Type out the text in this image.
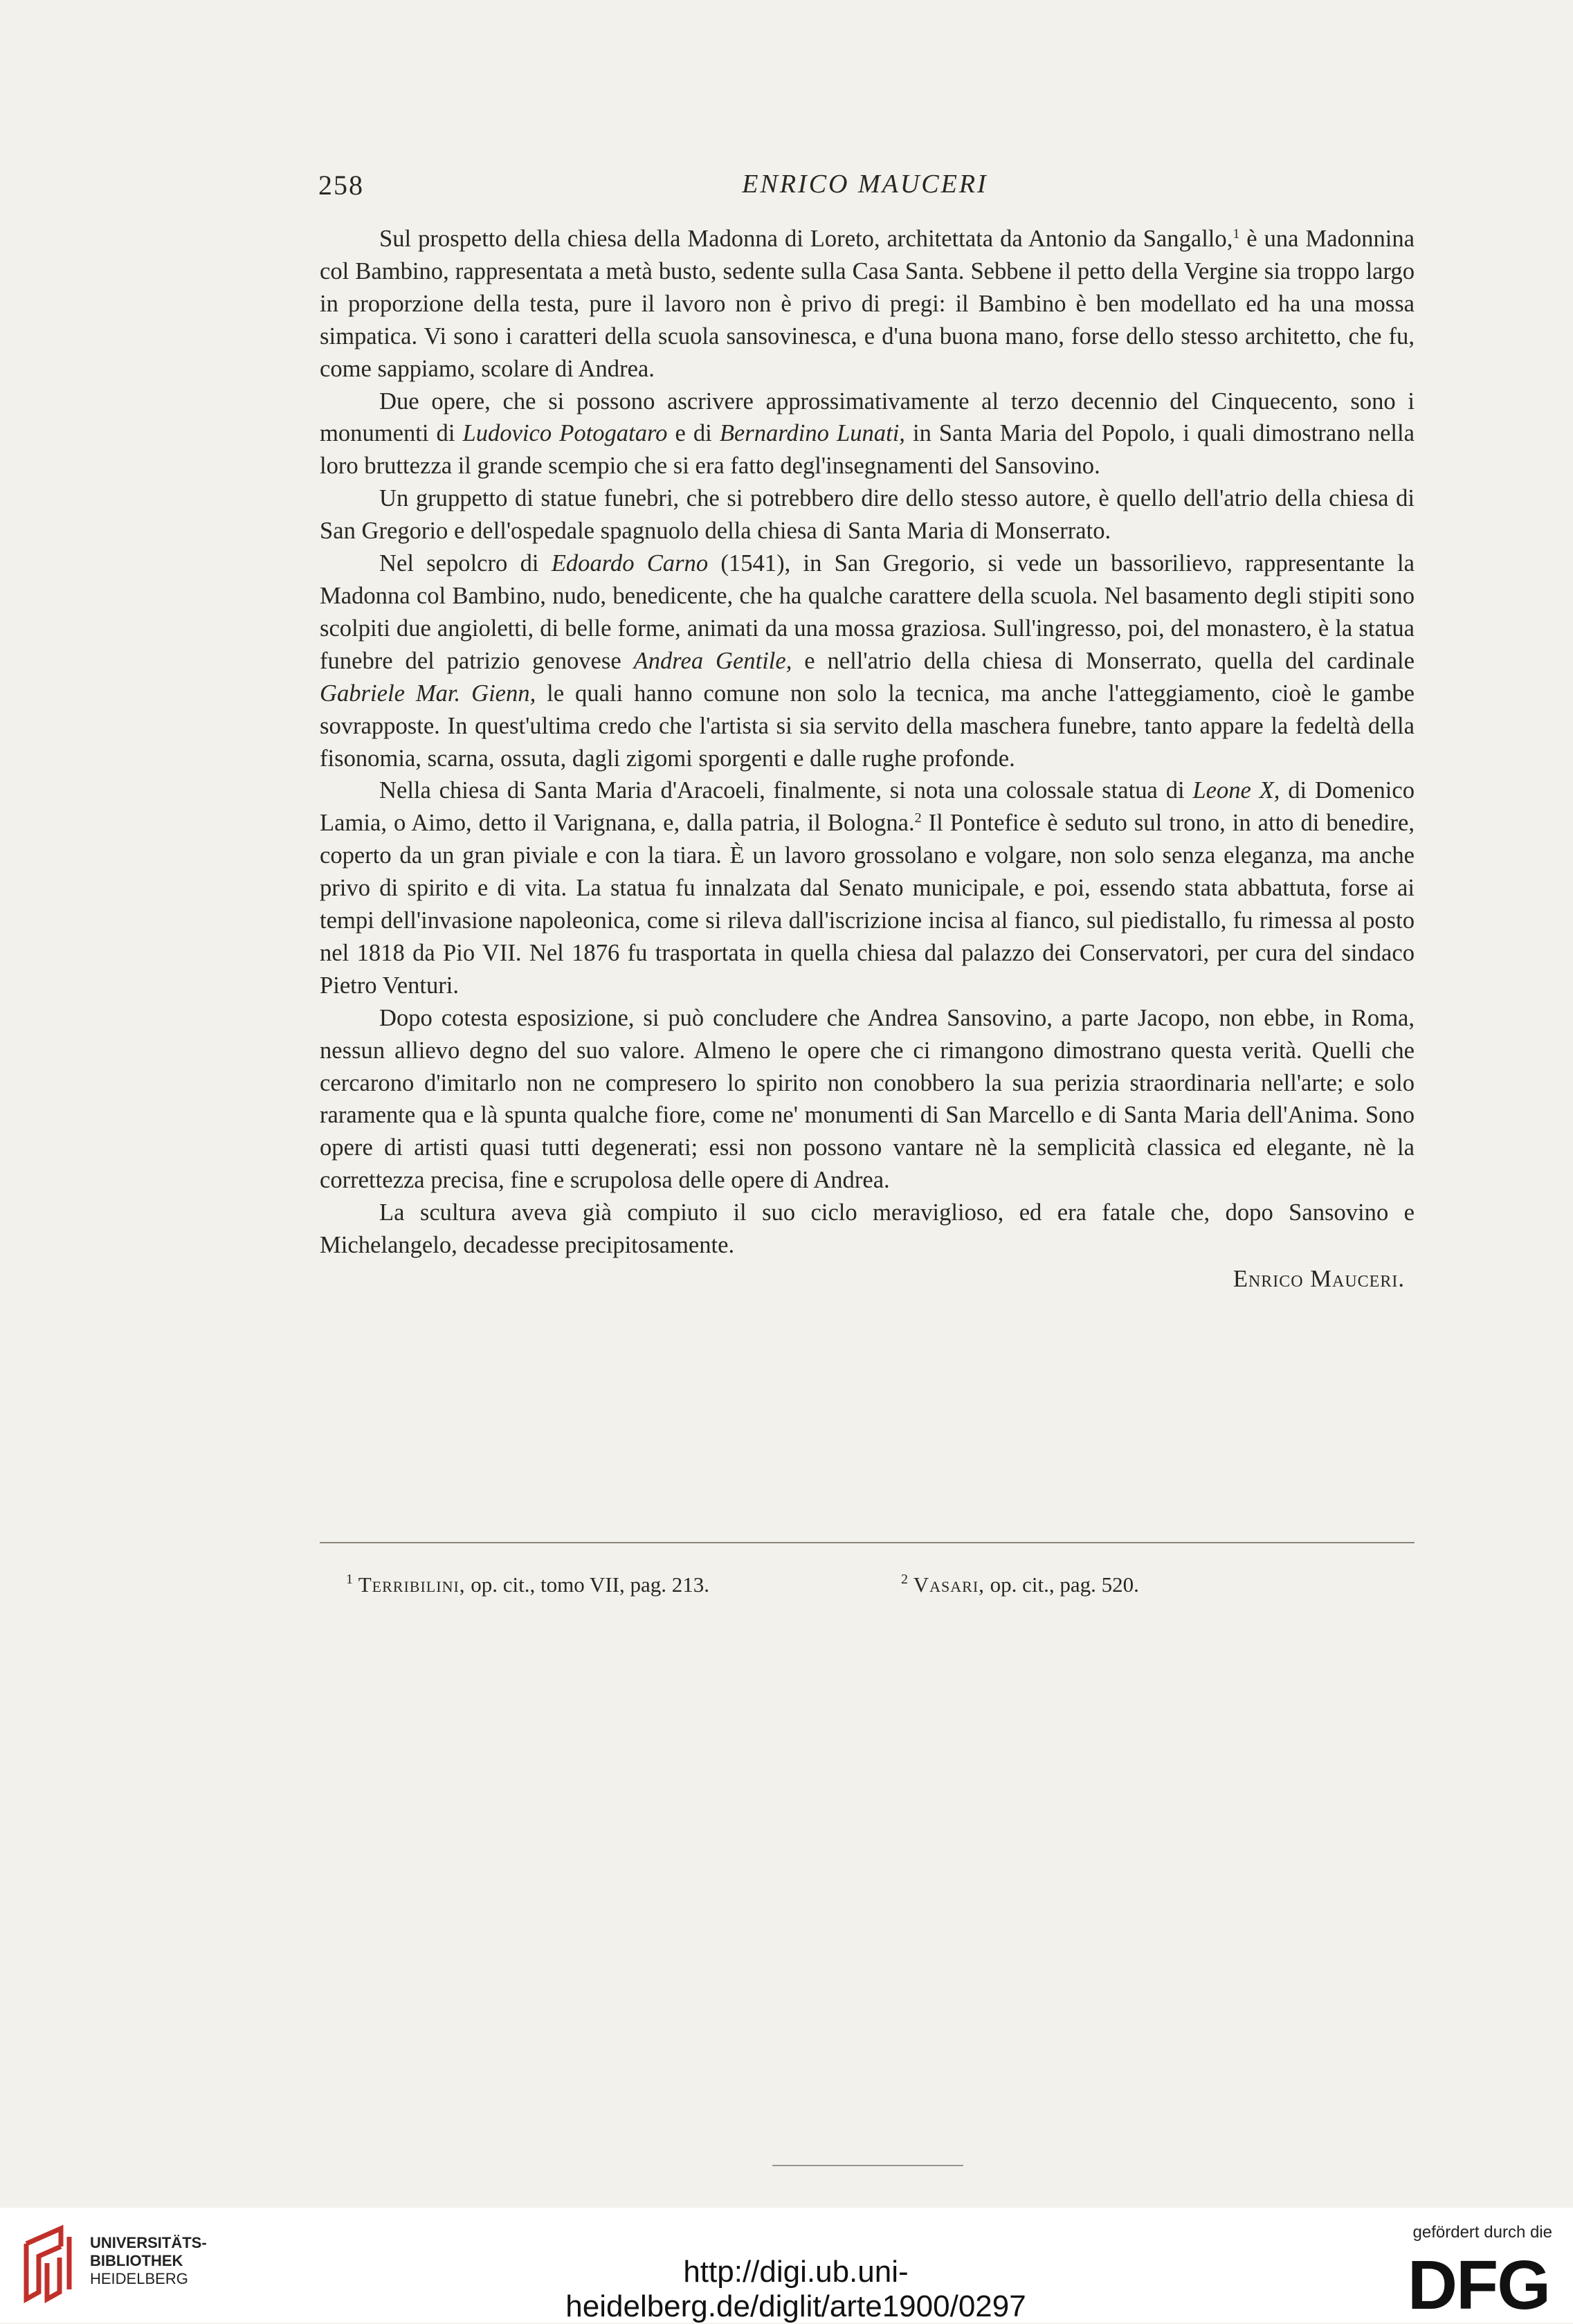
258	ENRICO MAUCERI

Sul prospetto della chiesa della Madonna di Loreto, architettata da Antonio da Sangallo,$^1$ è una Madonnina col Bambino, rappresentata a metà busto, sedente sulla Casa Santa. Sebbene il petto della Vergine sia troppo largo in proporzione della testa, pure il lavoro non è privo di pregi: il Bambino è ben modellato ed ha una mossa simpatica. Vi sono i caratteri della scuola sansovinesca, e d'una buona mano, forse dello stesso architetto, che fu, come sappiamo, scolare di Andrea.

Due opere, che si possono ascrivere approssimativamente al terzo decennio del Cinquecento, sono i monumenti di Ludovico Potogataro e di Bernardino Lunati, in Santa Maria del Popolo, i quali dimostrano nella loro bruttezza il grande scempio che si era fatto degl'insegnamenti del Sansovino.

Un gruppetto di statue funebri, che si potrebbero dire dello stesso autore, è quello dell'atrio della chiesa di San Gregorio e dell'ospedale spagnuolo della chiesa di Santa Maria di Monserrato.

Nel sepolcro di Edoardo Carno (1541), in San Gregorio, si vede un bassorilievo, rappresentante la Madonna col Bambino, nudo, benedicente, che ha qualche carattere della scuola. Nel basamento degli stipiti sono scolpiti due angioletti, di belle forme, animati da una mossa graziosa. Sull'ingresso, poi, del monastero, è la statua funebre del patrizio genovese Andrea Gentile, e nell'atrio della chiesa di Monserrato, quella del cardinale Gabriele Mar. Gienn, le quali hanno comune non solo la tecnica, ma anche l'atteggiamento, cioè le gambe sovrapposte. In quest'ultima credo che l'artista si sia servito della maschera funebre, tanto appare la fedeltà della fisonomia, scarna, ossuta, dagli zigomi sporgenti e dalle rughe profonde.

Nella chiesa di Santa Maria d'Aracoeli, finalmente, si nota una colossale statua di Leone X, di Domenico Lamia, o Aimo, detto il Varignana, e, dalla patria, il Bologna.$^2$ Il Pontefice è seduto sul trono, in atto di benedire, coperto da un gran piviale e con la tiara. È un lavoro grossolano e volgare, non solo senza eleganza, ma anche privo di spirito e di vita. La statua fu innalzata dal Senato municipale, e poi, essendo stata abbattuta, forse ai tempi dell'invasione napoleonica, come si rileva dall'iscrizione incisa al fianco, sul piedistallo, fu rimessa al posto nel 1818 da Pio VII. Nel 1876 fu trasportata in quella chiesa dal palazzo dei Conservatori, per cura del sindaco Pietro Venturi.

Dopo cotesta esposizione, si può concludere che Andrea Sansovino, a parte Jacopo, non ebbe, in Roma, nessun allievo degno del suo valore. Almeno le opere che ci rimangono dimostrano questa verità. Quelli che cercarono d'imitarlo non ne compresero lo spirito non conobbero la sua perizia straordinaria nell'arte; e solo raramente qua e là spunta qualche fiore, come ne' monumenti di San Marcello e di Santa Maria dell'Anima. Sono opere di artisti quasi tutti degenerati; essi non possono vantare nè la semplicità classica ed elegante, nè la correttezza precisa, fine e scrupolosa delle opere di Andrea.

La scultura aveva già compiuto il suo ciclo meraviglioso, ed era fatale che, dopo Sansovino e Michelangelo, decadesse precipitosamente.

Enrico Mauceri.

$^1$ Terribilini, op. cit., tomo VII, pag. 213.	$^2$ Vasari, op. cit., pag. 520.
UNIVERSITÄTS-
BIBLIOTHEK
HEIDELBERG	http://digi.ub.uni-heidelberg.de/diglit/arte1900/0297
gefördert durch die
DFG
